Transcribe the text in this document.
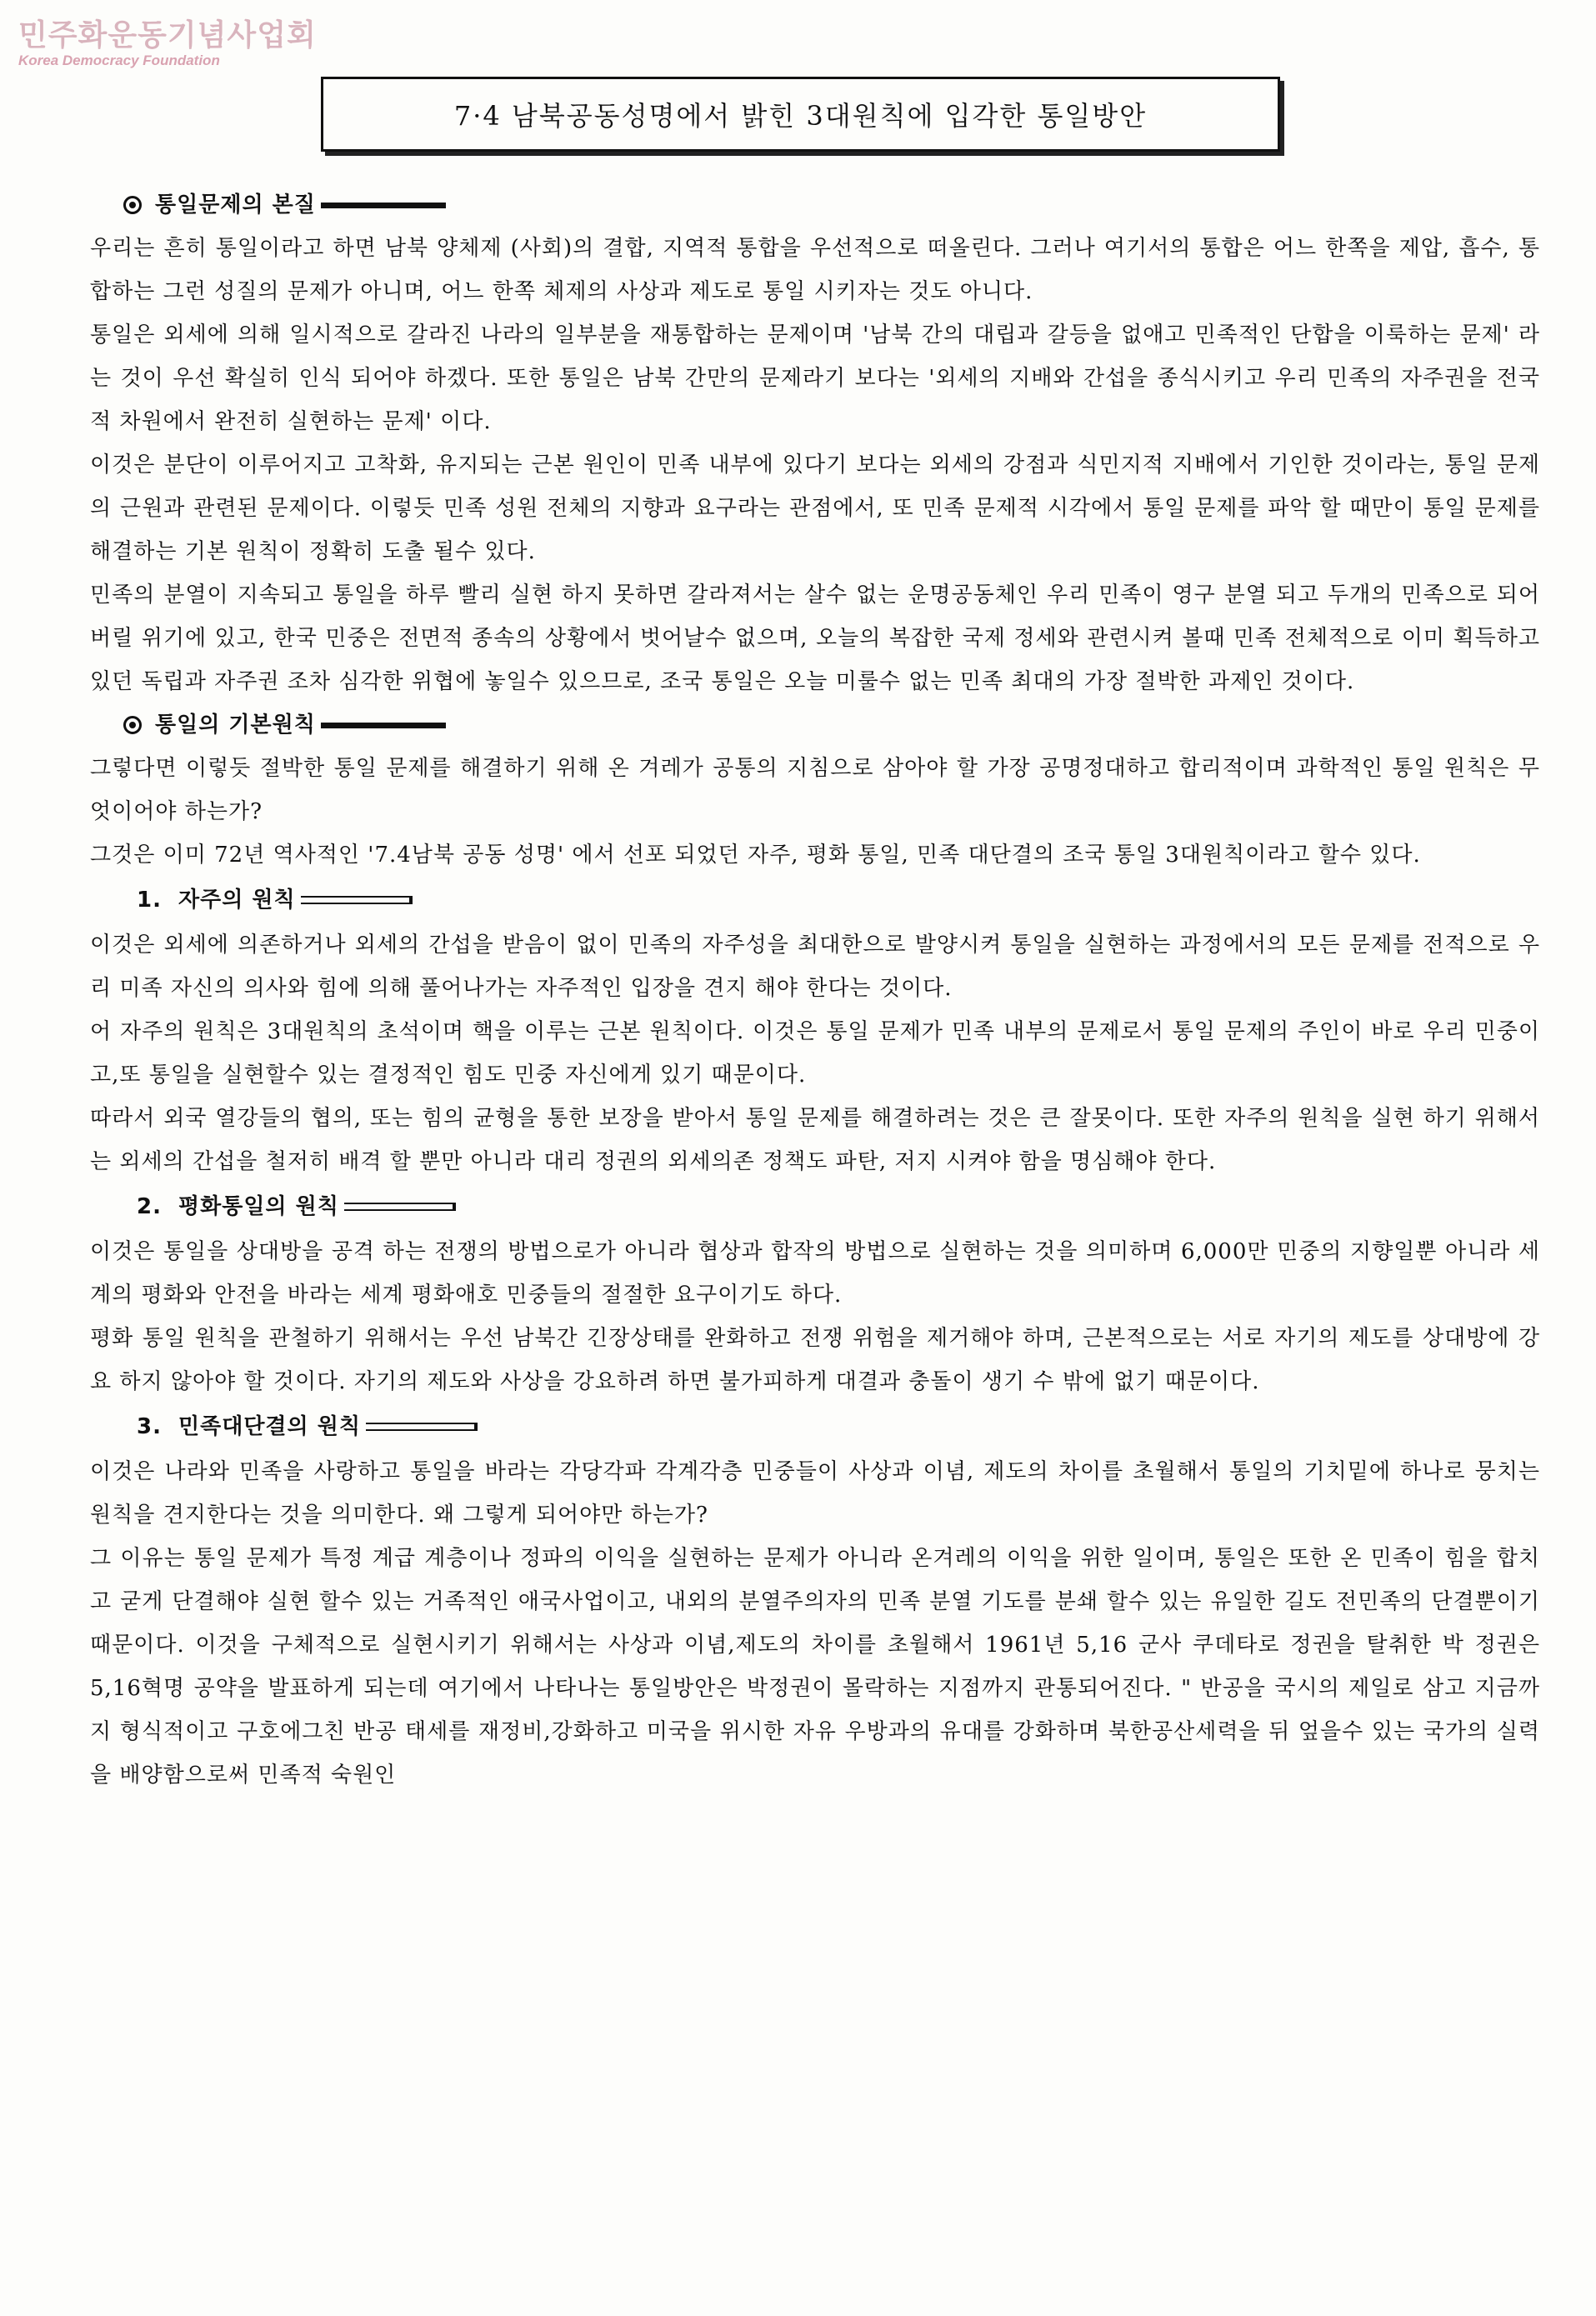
민주화운동기념사업회
Korea Democracy Foundation
7·4 남북공동성명에서 밝힌 3대원칙에 입각한 통일방안
통일문제의 본질

우리는 흔히 통일이라고 하면 남북 양체제 (사회)의 결합, 지역적 통합을 우선적으로 떠올린다. 그러나 여기서의 통합은 어느 한쪽을 제압, 흡수, 통합하는 그런 성질의 문제가 아니며, 어느 한쪽 체제의 사상과 제도로 통일 시키자는 것도 아니다.

통일은 외세에 의해 일시적으로 갈라진 나라의 일부분을 재통합하는 문제이며 '남북 간의 대립과 갈등을 없애고 민족적인 단합을 이룩하는 문제' 라는 것이 우선 확실히 인식 되어야 하겠다. 또한 통일은 남북 간만의 문제라기 보다는 '외세의 지배와 간섭을 종식시키고 우리 민족의 자주권을 전국적 차원에서 완전히 실현하는 문제' 이다.

이것은 분단이 이루어지고 고착화, 유지되는 근본 원인이 민족 내부에 있다기 보다는 외세의 강점과 식민지적 지배에서 기인한 것이라는, 통일 문제의 근원과 관련된 문제이다. 이렇듯 민족 성원 전체의 지향과 요구라는 관점에서, 또 민족 문제적 시각에서 통일 문제를 파악 할 때만이 통일 문제를 해결하는 기본 원칙이 정확히 도출 될수 있다.

민족의 분열이 지속되고 통일을 하루 빨리 실현 하지 못하면 갈라져서는 살수 없는 운명공동체인 우리 민족이 영구 분열 되고 두개의 민족으로 되어 버릴 위기에 있고, 한국 민중은 전면적 종속의 상황에서 벗어날수 없으며, 오늘의 복잡한 국제 정세와 관련시켜 볼때 민족 전체적으로 이미 획득하고 있던 독립과 자주권 조차 심각한 위협에 놓일수 있으므로, 조국 통일은 오늘 미룰수 없는 민족 최대의 가장 절박한 과제인 것이다.

통일의 기본원칙

그렇다면 이렇듯 절박한 통일 문제를 해결하기 위해 온 겨레가 공통의 지침으로 삼아야 할 가장 공명정대하고 합리적이며 과학적인 통일 원칙은 무엇이어야 하는가?

그것은 이미 72년 역사적인 '7.4남북 공동 성명' 에서 선포 되었던 자주, 평화 통일, 민족 대단결의 조국 통일 3대원칙이라고 할수 있다.

1. 자주의 원칙

이것은 외세에 의존하거나 외세의 간섭을 받음이 없이 민족의 자주성을 최대한으로 발양시켜 통일을 실현하는 과정에서의 모든 문제를 전적으로 우리 미족 자신의 의사와 힘에 의해 풀어나가는 자주적인 입장을 견지 해야 한다는 것이다.

어 자주의 원칙은 3대원칙의 초석이며 핵을 이루는 근본 원칙이다. 이것은 통일 문제가 민족 내부의 문제로서 통일 문제의 주인이 바로 우리 민중이고,또 통일을 실현할수 있는 결정적인 힘도 민중 자신에게 있기 때문이다.

따라서 외국 열강들의 협의, 또는 힘의 균형을 통한 보장을 받아서 통일 문제를 해결하려는 것은 큰 잘못이다. 또한 자주의 원칙을 실현 하기 위해서는 외세의 간섭을 철저히 배격 할 뿐만 아니라 대리 정권의 외세의존 정책도 파탄, 저지 시켜야 함을 명심해야 한다.

2. 평화통일의 원칙

이것은 통일을 상대방을 공격 하는 전쟁의 방법으로가 아니라 협상과 합작의 방법으로 실현하는 것을 의미하며 6,000만 민중의 지향일뿐 아니라 세계의 평화와 안전을 바라는 세계 평화애호 민중들의 절절한 요구이기도 하다.

평화 통일 원칙을 관철하기 위해서는 우선 남북간 긴장상태를 완화하고 전쟁 위험을 제거해야 하며, 근본적으로는 서로 자기의 제도를 상대방에 강요 하지 않아야 할 것이다. 자기의 제도와 사상을 강요하려 하면 불가피하게 대결과 충돌이 생기 수 밖에 없기 때문이다.

3. 민족대단결의 원칙

이것은 나라와 민족을 사랑하고 통일을 바라는 각당각파 각계각층 민중들이 사상과 이념, 제도의 차이를 초월해서 통일의 기치밑에 하나로 뭉치는 원칙을 견지한다는 것을 의미한다. 왜 그렇게 되어야만 하는가?

그 이유는 통일 문제가 특정 계급 계층이나 정파의 이익을 실현하는 문제가 아니라 온겨레의 이익을 위한 일이며, 통일은 또한 온 민족이 힘을 합치고 굳게 단결해야 실현 할수 있는 거족적인 애국사업이고, 내외의 분열주의자의 민족 분열 기도를 분쇄 할수 있는 유일한 길도 전민족의 단결뿐이기 때문이다. 이것을 구체적으로 실현시키기 위해서는 사상과 이념,제도의 차이를 초월해서 1961년 5,16 군사 쿠데타로 정권을 탈취한 박 정권은 5,16혁명 공약을 발표하게 되는데 여기에서 나타나는 통일방안은 박정권이 몰락하는 지점까지 관통되어진다. " 반공을 국시의 제일로 삼고 지금까지 형식적이고 구호에그친 반공 태세를 재정비,강화하고 미국을 위시한 자유 우방과의 유대를 강화하며 북한공산세력을 뒤 엎을수 있는 국가의 실력을 배양함으로써 민족적 숙원인
